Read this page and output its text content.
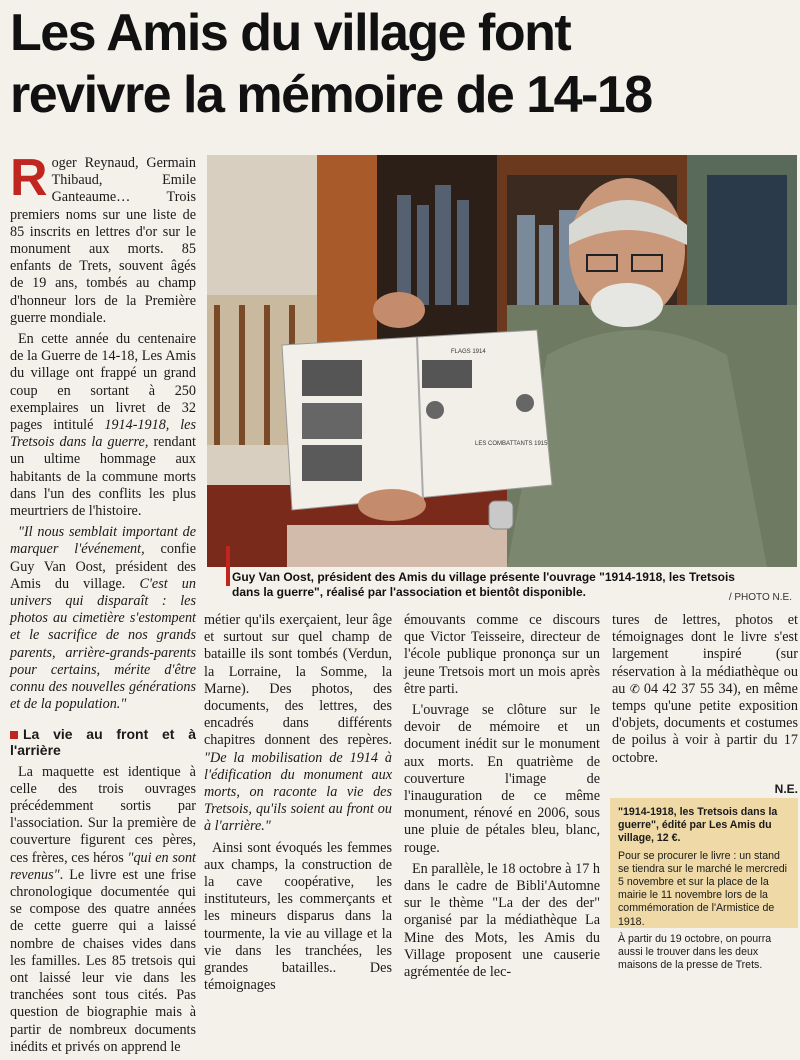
Les Amis du village font
revivre la mémoire de 14-18

Roger Reynaud, Germain Thibaud, Emile Ganteaume… Trois premiers noms sur une liste de 85 inscrits en lettres d'or sur le monument aux morts. 85 enfants de Trets, souvent âgés de 19 ans, tombés au champ d'honneur lors de la Première guerre mondiale.

En cette année du centenaire de la Guerre de 14-18, Les Amis du village ont frappé un grand coup en sortant à 250 exemplaires un livret de 32 pages intitulé 1914-1918, les Tretsois dans la guerre, rendant un ultime hommage aux habitants de la commune morts dans l'un des conflits les plus meurtriers de l'histoire.

"Il nous semblait important de marquer l'événement, confie Guy Van Oost, président des Amis du village. C'est un univers qui disparaît : les photos au cimetière s'estompent et le sacrifice de nos grands parents, arrière-grands-parents pour certains, mérite d'être connu des nouvelles générations et de la population."

La vie au front et à l'arrière

La maquette est identique à celle des trois ouvrages précédemment sortis par l'association. Sur la première de couverture figurent ces pères, ces frères, ces héros "qui en sont revenus". Le livre est une frise chronologique documentée qui se compose des quatre années de cette guerre qui a laissé nombre de chaises vides dans les familles. Les 85 tretsois qui ont laissé leur vie dans les tranchées sont tous cités. Pas question de biographie mais à partir de nombreux documents inédits et privés on apprend le

FLAGS 1914
LES COMBATTANTS 1915
Guy Van Oost, président des Amis du village présente l'ouvrage "1914-1918, les Tretsois dans la guerre", réalisé par l'association et bientôt disponible.	/ PHOTO N.E.

métier qu'ils exerçaient, leur âge et surtout sur quel champ de bataille ils sont tombés (Verdun, la Lorraine, la Somme, la Marne). Des photos, des documents, des lettres, des encadrés dans différents chapitres donnent des repères. "De la mobilisation de 1914 à l'édification du monument aux morts, on raconte la vie des Tretsois, qu'ils soient au front ou à l'arrière."

Ainsi sont évoqués les femmes aux champs, la construction de la cave coopérative, les instituteurs, les commerçants et les mineurs disparus dans la tourmente, la vie au village et la vie dans les tranchées, les grandes batailles.. Des témoignages

émouvants comme ce discours que Victor Teisseire, directeur de l'école publique prononça sur un jeune Tretsois mort un mois après être parti.

L'ouvrage se clôture sur le devoir de mémoire et un document inédit sur le monument aux morts. En quatrième de couverture l'image de l'inauguration de ce même monument, rénové en 2006, sous une pluie de pétales bleu, blanc, rouge.

En parallèle, le 18 octobre à 17 h dans le cadre de Bibli'Automne sur le thème "La der des der" organisé par la médiathèque La Mine des Mots, les Amis du Village proposent une causerie agrémentée de lec-

tures de lettres, photos et témoignages dont le livre s'est largement inspiré (sur réservation à la médiathèque ou au ✆ 04 42 37 55 34), en même temps qu'une petite exposition d'objets, documents et costumes de poilus à voir à partir du 17 octobre.

N.E.

"1914-1918, les Tretsois dans la guerre", édité par Les Amis du village, 12 €.

Pour se procurer le livre : un stand se tiendra sur le marché le mercredi 5 novembre et sur la place de la mairie le 11 novembre lors de la commémoration de l'Armistice de 1918.

À partir du 19 octobre, on pourra aussi le trouver dans les deux maisons de la presse de Trets.
